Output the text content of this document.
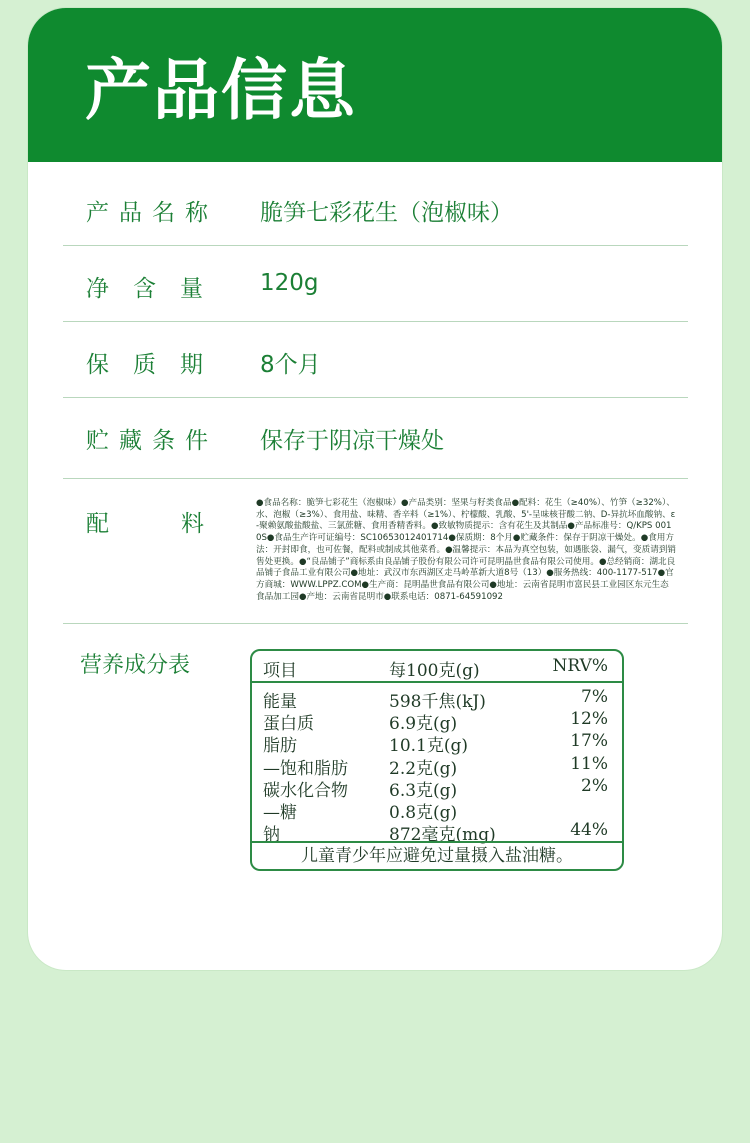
产品信息
产品名称 脆笋七彩花生（泡椒味）
净含量 120g
保质期 8个月
贮藏条件 保存于阴凉干燥处
配料
●食品名称：脆笋七彩花生（泡椒味）●产品类别：坚果与籽类食品●配料：花生（≥40%）、竹笋（≥32%）、水、泡椒（≥3%）、食用盐、味精、香辛料（≥1%）、柠檬酸、乳酸、5'-呈味核苷酸二钠、D-异抗坏血酸钠、ε-聚赖氨酸盐酸盐、三氯蔗糖、食用香精香料。●致敏物质提示：含有花生及其制品●产品标准号：Q/KPS 0010S●食品生产许可证编号：SC10653012401714●保质期：8个月●贮藏条件：保存于阴凉干燥处。●食用方法：开封即食，也可佐餐，配料或制成其他菜肴。●温馨提示：本品为真空包装，如遇胀袋、漏气，变质请到销售处更换。●“良品铺子”商标系由良品铺子股份有限公司许可昆明晶世食品有限公司使用。●总经销商：湖北良品铺子食品工业有限公司●地址：武汉市东西湖区走马岭革新大道8号（13）●服务热线：400-1177-517●官方商城：WWW.LPPZ.COM●生产商：昆明晶世食品有限公司●地址：云南省昆明市富民县工业园区东元生态食品加工园●产地：云南省昆明市●联系电话：0871-64591092
营养成分表	项目	每100克(g)	NRV%
能量	598千焦(kJ)	7%
蛋白质	6.9克(g)	12%
脂肪	10.1克(g)	17%
—饱和脂肪 2.2克(g)	11%
碳水化合物 6.3克(g)	2%
—糖	0.8克(g)
钠	872毫克(mg)	44%
儿童青少年应避免过量摄入盐油糖。
